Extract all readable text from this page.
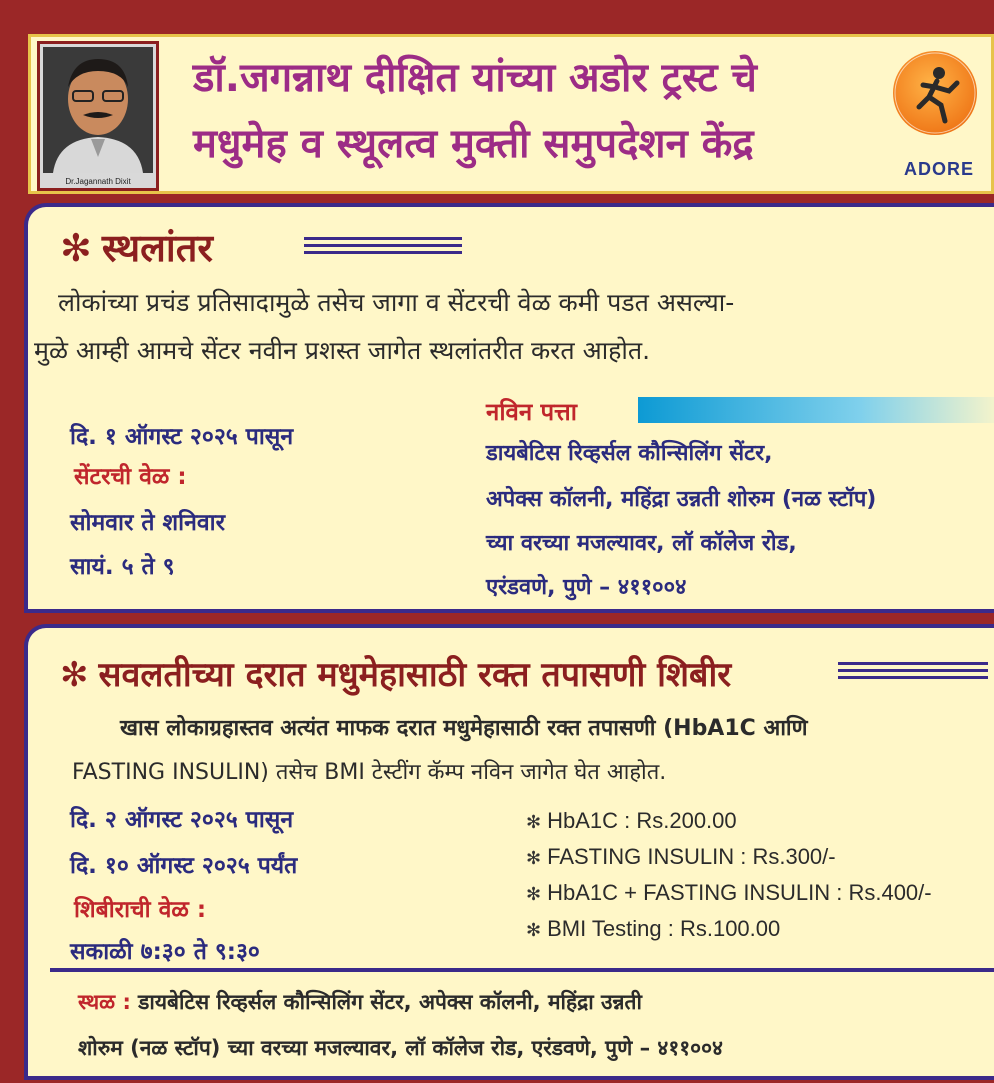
Dr.Jagannath Dixit
डॉ.जगन्नाथ दीक्षित यांच्या अडोर ट्रस्ट चे
मधुमेह व स्थूलत्व मुक्ती समुपदेशन केंद्र
ADORE
✻ स्थलांतर
लोकांच्या प्रचंड प्रतिसादामुळे तसेच जागा व सेंटरची वेळ कमी पडत असल्या-
मुळे आम्ही आमचे सेंटर नवीन प्रशस्त जागेत स्थलांतरीत करत आहोत.
दि. १ ऑगस्ट २०२५ पासून
सेंटरची वेळ :
सोमवार ते शनिवार
सायं. ५ ते ९
नविन पत्ता
डायबेटिस रिव्हर्सल कौन्सिलिंग सेंटर,
अपेक्स कॉलनी, महिंद्रा उन्नती शोरुम (नळ स्टॉप)
च्या वरच्या मजल्यावर, लॉ कॉलेज रोड,
एरंडवणे, पुणे – ४११००४
✻ सवलतीच्या दरात मधुमेहासाठी रक्त तपासणी शिबीर
खास लोकाग्रहास्तव अत्यंत माफक दरात मधुमेहासाठी रक्त तपासणी (HbA1C आणि
FASTING INSULIN) तसेच BMI टेस्टींग कॅम्प नविन जागेत घेत आहोत.
दि. २ ऑगस्ट २०२५ पासून
दि. १० ऑगस्ट २०२५ पर्यंत
शिबीराची वेळ :
सकाळी ७:३० ते ९:३०
✻ HbA1C : Rs.200.00
✻ FASTING INSULIN : Rs.300/-
✻ HbA1C + FASTING INSULIN : Rs.400/-
✻ BMI Testing : Rs.100.00
स्थळ : डायबेटिस रिव्हर्सल कौन्सिलिंग सेंटर, अपेक्स कॉलनी, महिंद्रा उन्नती
शोरुम (नळ स्टॉप) च्या वरच्या मजल्यावर, लॉ कॉलेज रोड, एरंडवणे, पुणे – ४११००४
